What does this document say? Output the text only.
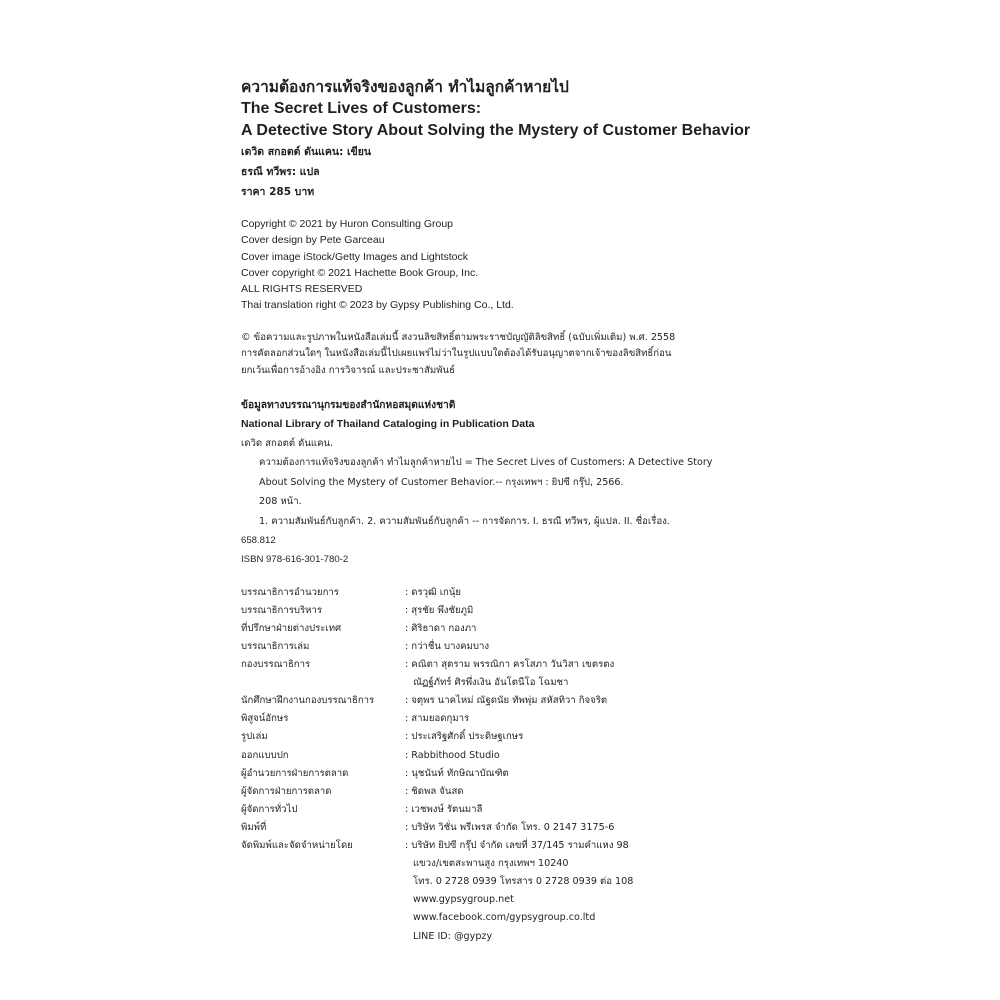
ความต้องการแท้จริงของลูกค้า ทำไมลูกค้าหายไป
The Secret Lives of Customers:
A Detective Story About Solving the Mystery of Customer Behavior
เดวิด สกอตต์ ดันแคน: เขียน
ธรณี ทวีพร: แปล
ราคา 285 บาท
Copyright © 2021 by Huron Consulting Group
Cover design by Pete Garceau
Cover image iStock/Getty Images and Lightstock
Cover copyright © 2021 Hachette Book Group, Inc.
ALL RIGHTS RESERVED
Thai translation right © 2023 by Gypsy Publishing Co., Ltd.
© ข้อความและรูปภาพในหนังสือเล่มนี้ สงวนลิขสิทธิ์ตามพระราชบัญญัติลิขสิทธิ์ (ฉบับเพิ่มเติม) พ.ศ. 2558
การคัดลอกส่วนใดๆ ในหนังสือเล่มนี้ไปเผยแพร่ไม่ว่าในรูปแบบใดต้องได้รับอนุญาตจากเจ้าของลิขสิทธิ์ก่อน
ยกเว้นเพื่อการอ้างอิง การวิจารณ์ และประชาสัมพันธ์
ข้อมูลทางบรรณานุกรมของสำนักหอสมุดแห่งชาติ
National Library of Thailand Cataloging in Publication Data
เดวิด สกอตต์ ดันแคน.
ความต้องการแท้จริงของลูกค้า ทำไมลูกค้าหายไป = The Secret Lives of Customers: A Detective Story
About Solving the Mystery of Customer Behavior.-- กรุงเทพฯ : ยิปซี กรุ๊ป, 2566.
208 หน้า.
1. ความสัมพันธ์กับลูกค้า. 2. ความสัมพันธ์กับลูกค้า -- การจัดการ. I. ธรณี ทวีพร, ผู้แปล. II. ชื่อเรื่อง.
658.812
ISBN 978-616-301-780-2
บรรณาธิการอำนวยการ	: ดรวุฒิ เกนุ้ย
บรรณาธิการบริหาร	: สุรชัย พึงชัยภูมิ
ที่ปรึกษาฝ่ายต่างประเทศ	: ศิริธาดา กองภา
บรรณาธิการเล่ม	: กว่าชื่น บางคมบาง
กองบรรณาธิการ	: คณิตา สุตราม พรรณิกา ครโสภา วันวิสา เขตรตง
ณัฏฐ์ภัทร์ ศิรพึ่งเงิน อันโตนีโอ โฉมชา
นักศึกษาฝึกงานกองบรรณาธิการ	: จตุพร นาคไหม่ ณัฐดนัย ทัพพุ่ม สหัสทิวา กิจจริต
พิสูจน์อักษร	: สามยอดกุมาร
รูปเล่ม	: ประเสริฐศักดิ์ ประดิษฐเกษร
ออกแบบปก	: Rabbithood Studio
ผู้อำนวยการฝ่ายการตลาด	: นุชนันท์ ทักษิณาบัณฑิต
ผู้จัดการฝ่ายการตลาด	: ชิดพล จันสด
ผู้จัดการทั่วไป	: เวชพงษ์ รัตนมาลี
พิมพ์ที่	: บริษัท วิชั่น พรีเพรส จำกัด โทร. 0 2147 3175-6
จัดพิมพ์และจัดจำหน่ายโดย	: บริษัท ยิปซี กรุ๊ป จำกัด เลขที่ 37/145 รามคำแหง 98
แขวง/เขตสะพานสูง กรุงเทพฯ 10240
โทร. 0 2728 0939 โทรสาร 0 2728 0939 ต่อ 108
www.gypsygroup.net
www.facebook.com/gypsygroup.co.ltd
LINE ID: @gypzy
